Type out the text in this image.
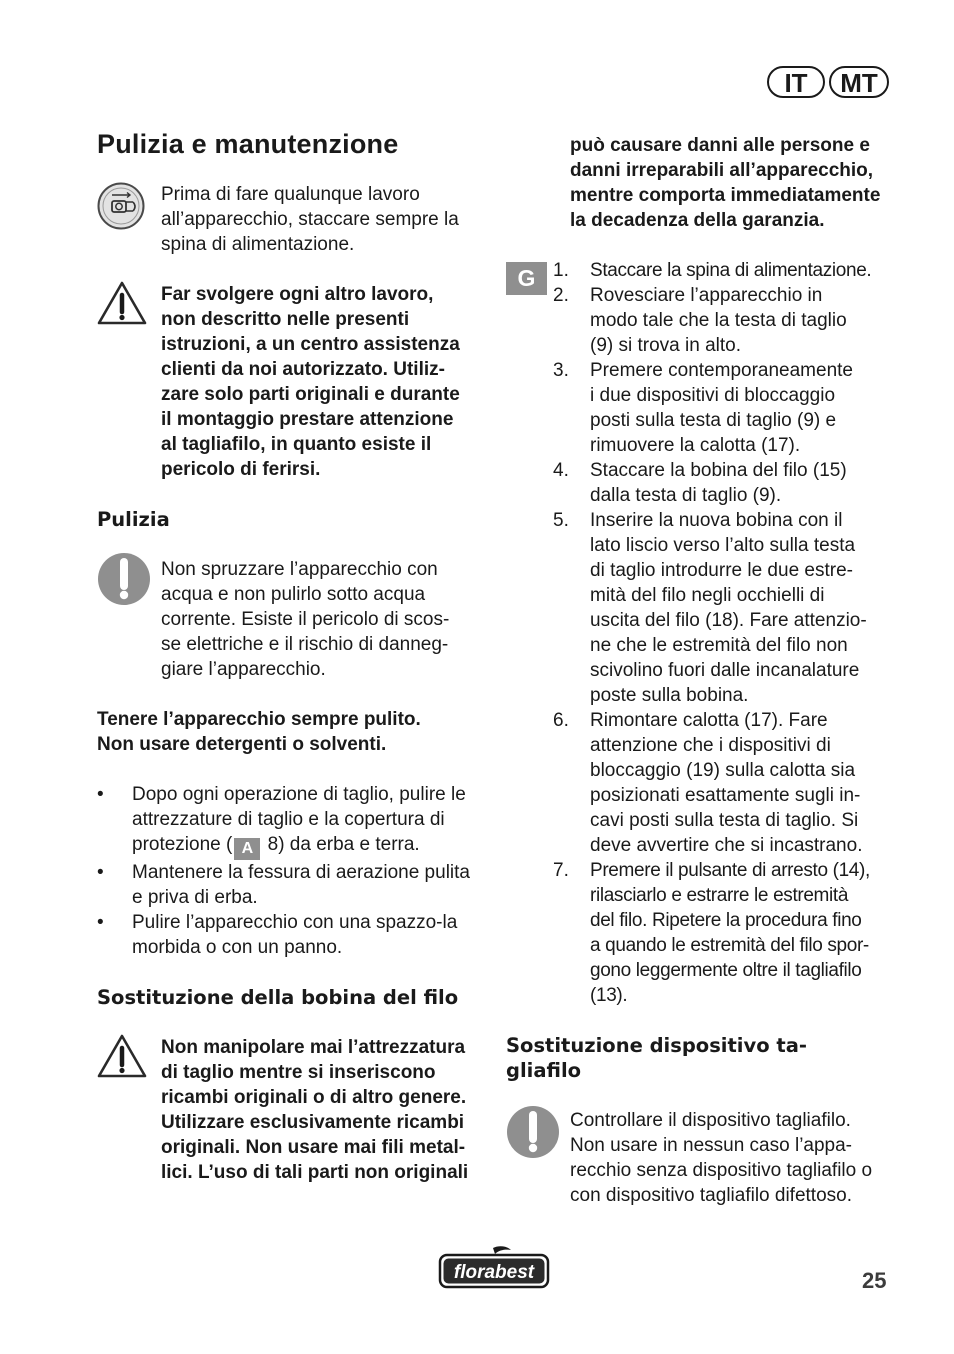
IT	MT
Pulizia e manutenzione

Prima di fare qualunque lavoro all’apparecchio, staccare sempre la spina di alimentazione.

Far svolgere ogni altro lavoro,
non descritto nelle presenti
istruzioni, a un centro assistenza
clienti da noi autorizzato. Utiliz-
zare solo parti originali e durante
il montaggio prestare attenzione
al tagliafilo, in quanto esiste il
pericolo di ferirsi.
Pulizia
Non spruzzare l’apparecchio con
acqua e non pulirlo sotto acqua
corrente. Esiste il pericolo di scos-
se elettriche e il rischio di danneg-
giare l’apparecchio.
Tenere l’apparecchio sempre pulito.
Non usare detergenti o solventi.
• Dopo ogni operazione di taglio, pulire le attrezzature di taglio e la copertura di protezione ( A 8) da erba e terra.
• Mantenere la fessura di aerazione pulita e priva di erba.
• Pulire l’apparecchio con una spazzo-la morbida o con un panno.
Sostituzione della bobina del filo
Non manipolare mai l’attrezzatura
di taglio mentre si inseriscono
ricambi originali o di altro genere.
Utilizzare esclusivamente ricambi
originali. Non usare mai fili metal-
lici. L’uso di tali parti non originali
può causare danni alle persone e
danni irreparabili all’apparecchio,
mentre comporta immediatamente
la decadenza della garanzia.
G 1. Staccare la spina di alimentazione.
2. Rovesciare l’apparecchio in
modo tale che la testa di taglio
(9) si trova in alto.
3. Premere contemporaneamente
i due dispositivi di bloccaggio
posti sulla testa di taglio (9) e
rimuovere la calotta (17).
4. Staccare la bobina del filo (15)
dalla testa di taglio (9).
5. Inserire la nuova bobina con il
lato liscio verso l’alto sulla testa
di taglio introdurre le due estre-
mità del filo negli occhielli di
uscita del filo (18). Fare attenzio-
ne che le estremità del filo non
scivolino fuori dalle incanalature
poste sulla bobina.
6. Rimontare calotta (17). Fare
attenzione che i dispositivi di
bloccaggio (19) sulla calotta sia
posizionati esattamente sugli in-
cavi posti sulla testa di taglio. Si
deve avvertire che si incastrano.
7. Premere il pulsante di arresto (14),
rilasciarlo e estrarre le estremità
del filo. Ripetere la procedura fino
a quando le estremità del filo spor-
gono leggermente oltre il tagliafilo
(13).
Sostituzione dispositivo ta-
gliafilo
Controllare il dispositivo tagliafilo.
Non usare in nessun caso l’appa-
recchio senza dispositivo tagliafilo o
con dispositivo tagliafilo difettoso.
florabest	25
